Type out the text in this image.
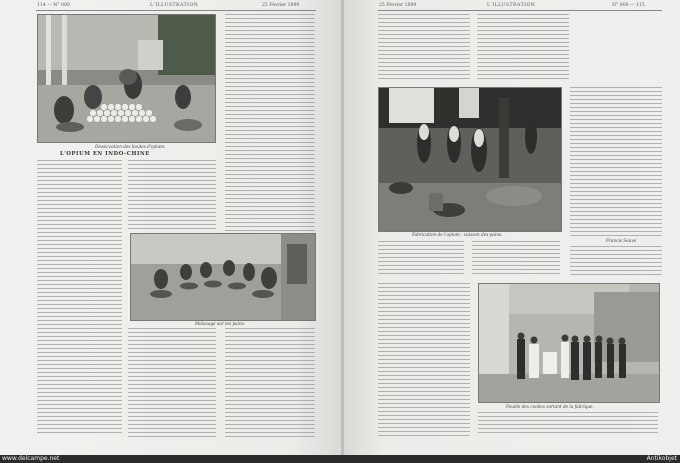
114 — N° 000	L'ILLUSTRATION	25 Février 1899
Dessiccation des boules d'opium.
L'OPIUM EN INDO-CHINE
Malaxage sur les pains.
25 Février 1899	L'ILLUSTRATION	N° 000 — 115
Fabrication de l'opium : cuisson des pains.
Francis Sauve
Fouille des coolies sortant de la fabrique.
www.delcampe.net	Antikobjet
